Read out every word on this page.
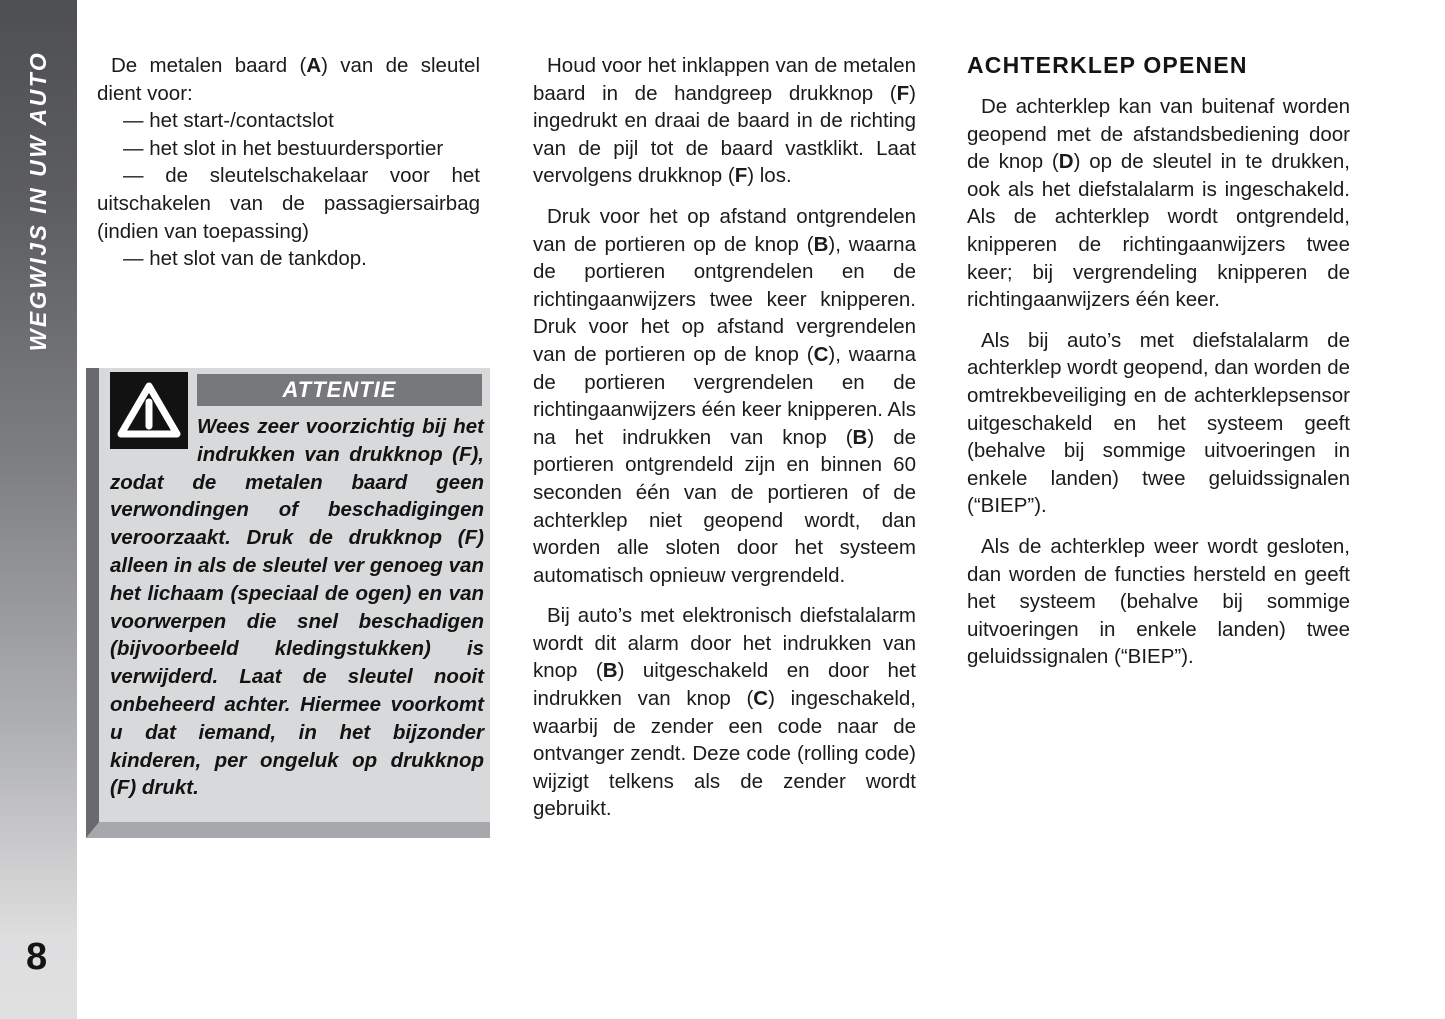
WEGWIJS IN UW AUTO
8

De metalen baard (A) van de sleutel dient voor:

— het start-/contactslot

— het slot in het bestuurdersportier

— de sleutelschakelaar voor het uitschakelen van de passagiersairbag (indien van toepassing)

— het slot van de tankdop.

ATTENTIE

Wees zeer voorzichtig bij het indrukken van drukknop (F), zodat de metalen baard geen verwondingen of beschadigingen veroorzaakt. Druk de drukknop (F) alleen in als de sleutel ver genoeg van het lichaam (speciaal de ogen) en van voorwerpen die snel beschadigen (bijvoorbeeld kledingstukken) is verwijderd. Laat de sleutel nooit onbeheerd achter. Hiermee voorkomt u dat iemand, in het bijzonder kinderen, per ongeluk op drukknop (F) drukt.

Houd voor het inklappen van de metalen baard in de handgreep drukknop (F) ingedrukt en draai de baard in de richting van de pijl tot de baard vastklikt. Laat vervolgens drukknop (F) los.

Druk voor het op afstand ontgrendelen van de portieren op de knop (B), waarna de portieren ontgrendelen en de richtingaanwijzers twee keer knipperen. Druk voor het op afstand vergrendelen van de portieren op de knop (C), waarna de portieren vergrendelen en de richtingaanwijzers één keer knipperen. Als na het indrukken van knop (B) de portieren ontgrendeld zijn en binnen 60 seconden één van de portieren of de achterklep niet geopend wordt, dan worden alle sloten door het systeem automatisch opnieuw vergrendeld.

Bij auto’s met elektronisch diefstalalarm wordt dit alarm door het indrukken van knop (B) uitgeschakeld en door het indrukken van knop (C) ingeschakeld, waarbij de zender een code naar de ontvanger zendt. Deze code (rolling code) wijzigt telkens als de zender wordt gebruikt.

ACHTERKLEP OPENEN

De achterklep kan van buitenaf worden geopend met de afstandsbediening door de knop (D) op de sleutel in te drukken, ook als het diefstalalarm is ingeschakeld. Als de achterklep wordt ontgrendeld, knipperen de richtingaanwijzers twee keer; bij vergrendeling knipperen de richtingaanwijzers één keer.

Als bij auto’s met diefstalalarm de achterklep wordt geopend, dan worden de omtrekbeveiliging en de achterklepsensor uitgeschakeld en het systeem geeft (behalve bij sommige uitvoeringen in enkele landen) twee geluidssignalen (“BIEP”).

Als de achterklep weer wordt gesloten, dan worden de functies hersteld en geeft het systeem (behalve bij sommige uitvoeringen in enkele landen) twee geluidssignalen (“BIEP”).
